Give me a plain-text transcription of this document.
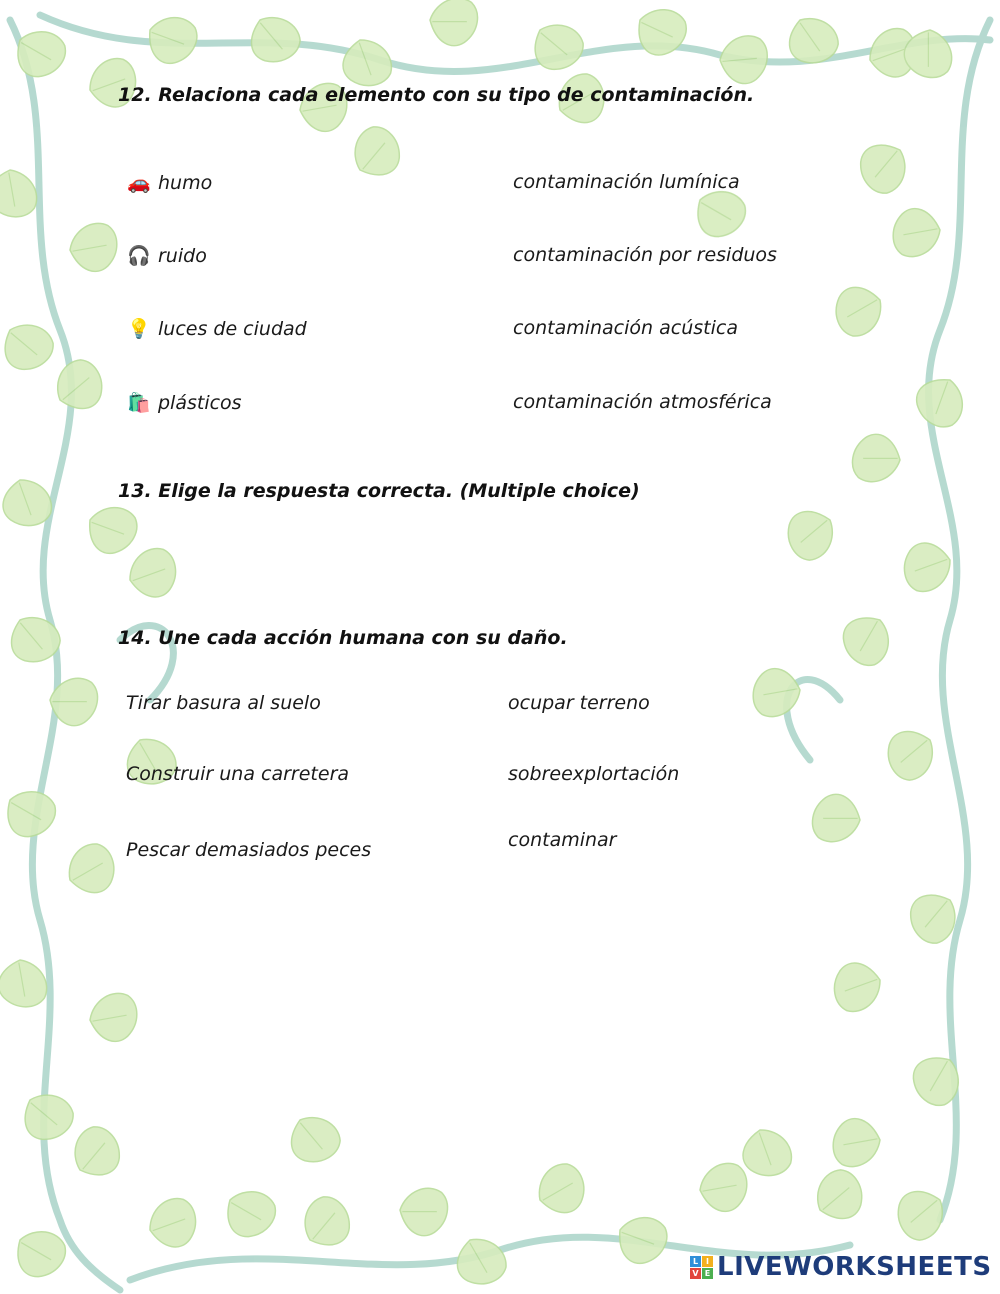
12. Relaciona cada elemento con su tipo de contaminación.
🚗 humo
🎧 ruido
💡 luces de ciudad
🛍️ plásticos
contaminación lumínica
contaminación por residuos
contaminación acústica
contaminación atmosférica
13. Elige la respuesta correcta. (Multiple choice)
14. Une cada acción humana con su daño.
Tirar basura al suelo
Construir una carretera
Pescar demasiados peces
ocupar terreno
sobreexplortación
contaminar
L I
V E LIVEWORKSHEETS
